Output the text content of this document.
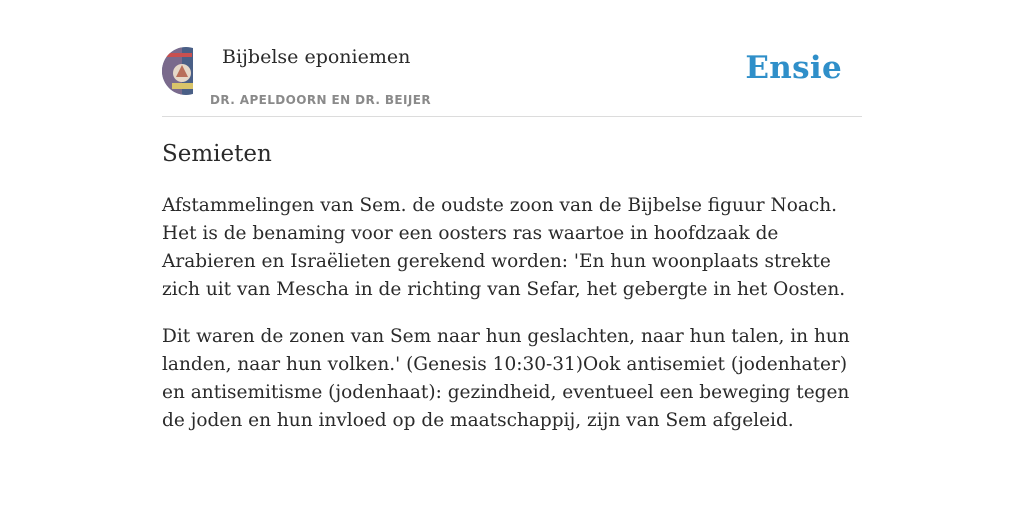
Bijbelse eponiemen
DR. APELDOORN EN DR. BEIJER
Ensie
Semieten

Afstammelingen van Sem. de oudste zoon van de Bijbelse figuur Noach. Het is de benaming voor een oosters ras waartoe in hoofdzaak de Arabieren en Israëlieten gerekend worden: 'En hun woonplaats strekte zich uit van Mescha in de richting van Sefar, het gebergte in het Oosten.

Dit waren de zonen van Sem naar hun geslachten, naar hun talen, in hun landen, naar hun volken.' (Genesis 10:30-31)Ook antisemiet (jodenhater) en antisemitisme (jodenhaat): gezindheid, eventueel een beweging tegen de joden en hun invloed op de maatschappij, zijn van Sem afgeleid.
